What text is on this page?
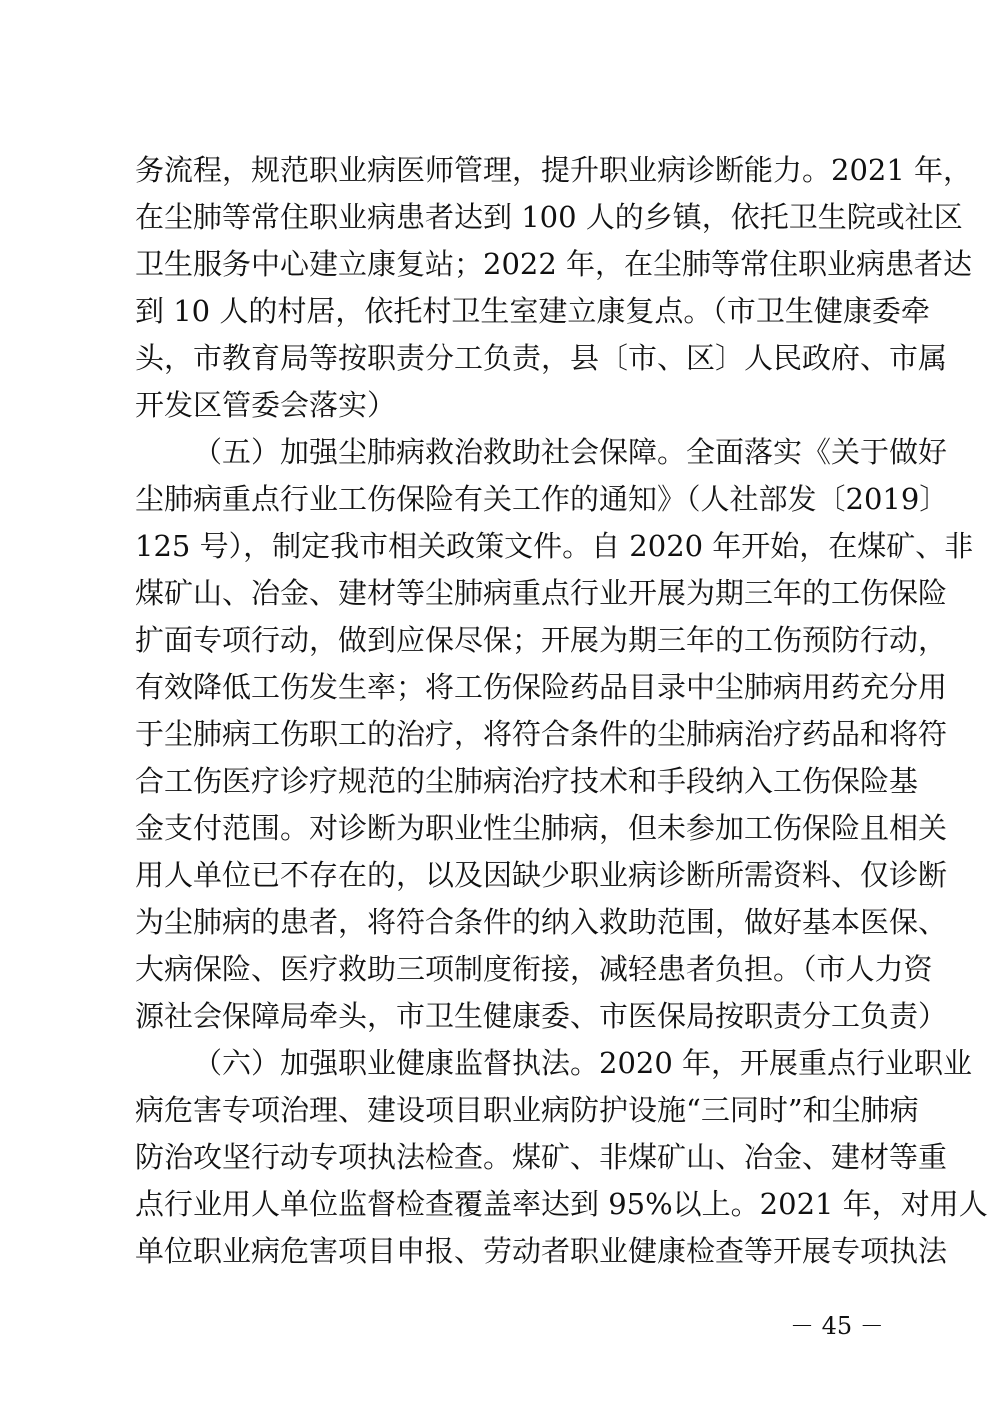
务流程，规范职业病医师管理，提升职业病诊断能力。2021 年，
在尘肺等常住职业病患者达到 100 人的乡镇，依托卫生院或社区
卫生服务中心建立康复站；2022 年，在尘肺等常住职业病患者达
到 10 人的村居，依托村卫生室建立康复点。（市卫生健康委牵
头，市教育局等按职责分工负责，县〔市、区〕人民政府、市属
开发区管委会落实）
（五）加强尘肺病救治救助社会保障。全面落实《关于做好
尘肺病重点行业工伤保险有关工作的通知》（人社部发〔2019〕
125 号），制定我市相关政策文件。自 2020 年开始，在煤矿、非
煤矿山、冶金、建材等尘肺病重点行业开展为期三年的工伤保险
扩面专项行动，做到应保尽保；开展为期三年的工伤预防行动，
有效降低工伤发生率；将工伤保险药品目录中尘肺病用药充分用
于尘肺病工伤职工的治疗，将符合条件的尘肺病治疗药品和将符
合工伤医疗诊疗规范的尘肺病治疗技术和手段纳入工伤保险基
金支付范围。对诊断为职业性尘肺病，但未参加工伤保险且相关
用人单位已不存在的，以及因缺少职业病诊断所需资料、仅诊断
为尘肺病的患者，将符合条件的纳入救助范围，做好基本医保、
大病保险、医疗救助三项制度衔接，减轻患者负担。（市人力资
源社会保障局牵头，市卫生健康委、市医保局按职责分工负责）
（六）加强职业健康监督执法。2020 年，开展重点行业职业
病危害专项治理、建设项目职业病防护设施“三同时”和尘肺病
防治攻坚行动专项执法检查。煤矿、非煤矿山、冶金、建材等重
点行业用人单位监督检查覆盖率达到 95%以上。2021 年，对用人
单位职业病危害项目申报、劳动者职业健康检查等开展专项执法
－ 45 －
